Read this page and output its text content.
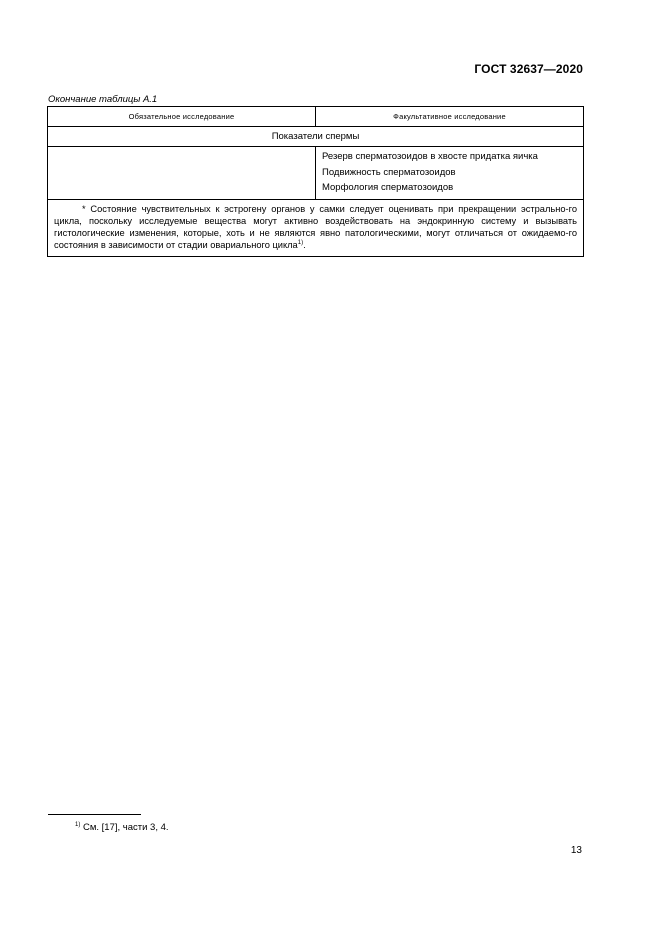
ГОСТ 32637—2020
Окончание таблицы А.1
Обязательное исследование	Факультативное исследование
Показатели спермы	

	Резерв сперматозоидов в хвосте придатка яичка
Подвижность сперматозоидов
Морфология сперматозоидов

* Состояние чувствительных к эстрогену органов у самки следует оценивать при прекращении эстрально-го цикла, поскольку исследуемые вещества могут активно воздействовать на эндокринную систему и вызывать гистологические изменения, которые, хоть и не являются явно патологическими, могут отличаться от ожидаемо-го состояния в зависимости от стадии овариального цикла$^{1)}$.	
$^{1)}$ См. [17], части 3, 4.
13
